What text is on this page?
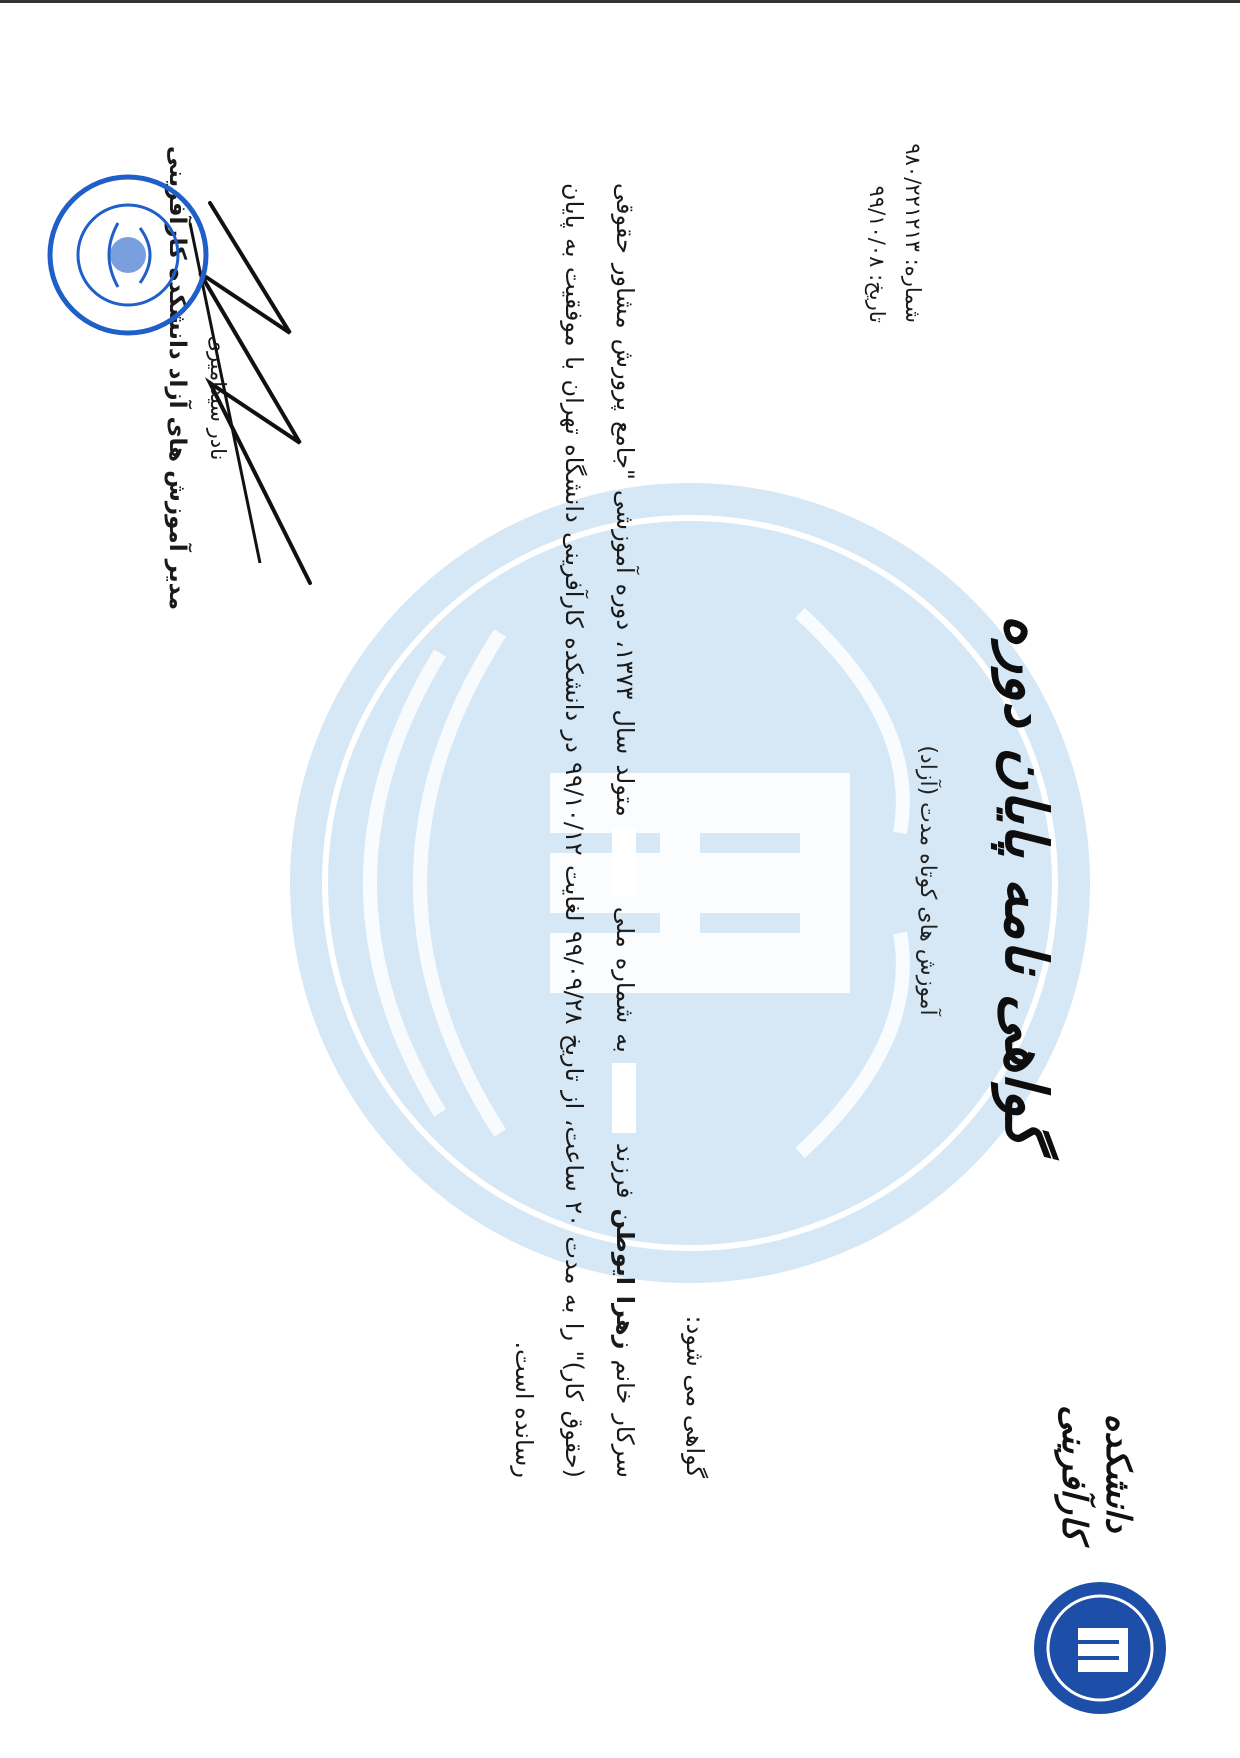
دانشکده کارآفرینی
گواهی نامه پایان دوره
آموزش های کوتاه مدت (آزاد)
شماره: ۹۸۰/۲۲۱۲۱۳
تاریخ: ۹۹/۱۰/۰۸
گواهی می شود:
سرکار خانم زهرا ایوطن فرزند  به شماره ملی  متولد سال ۱۳۷۳، دوره آموزشی "جامع پرورش مشاور حقوقی (حقوق کار)" را به مدت ۲۰ ساعت، از تاریخ ۹۹/۰۹/۲۸ لغایت ۹۹/۱۰/۱۲ در دانشکده کارآفرینی دانشگاه تهران با موفقیت به پایان رسانده است.
نادر سیدامیری
مدیر آموزش های آزاد دانشکده کارآفرینی
